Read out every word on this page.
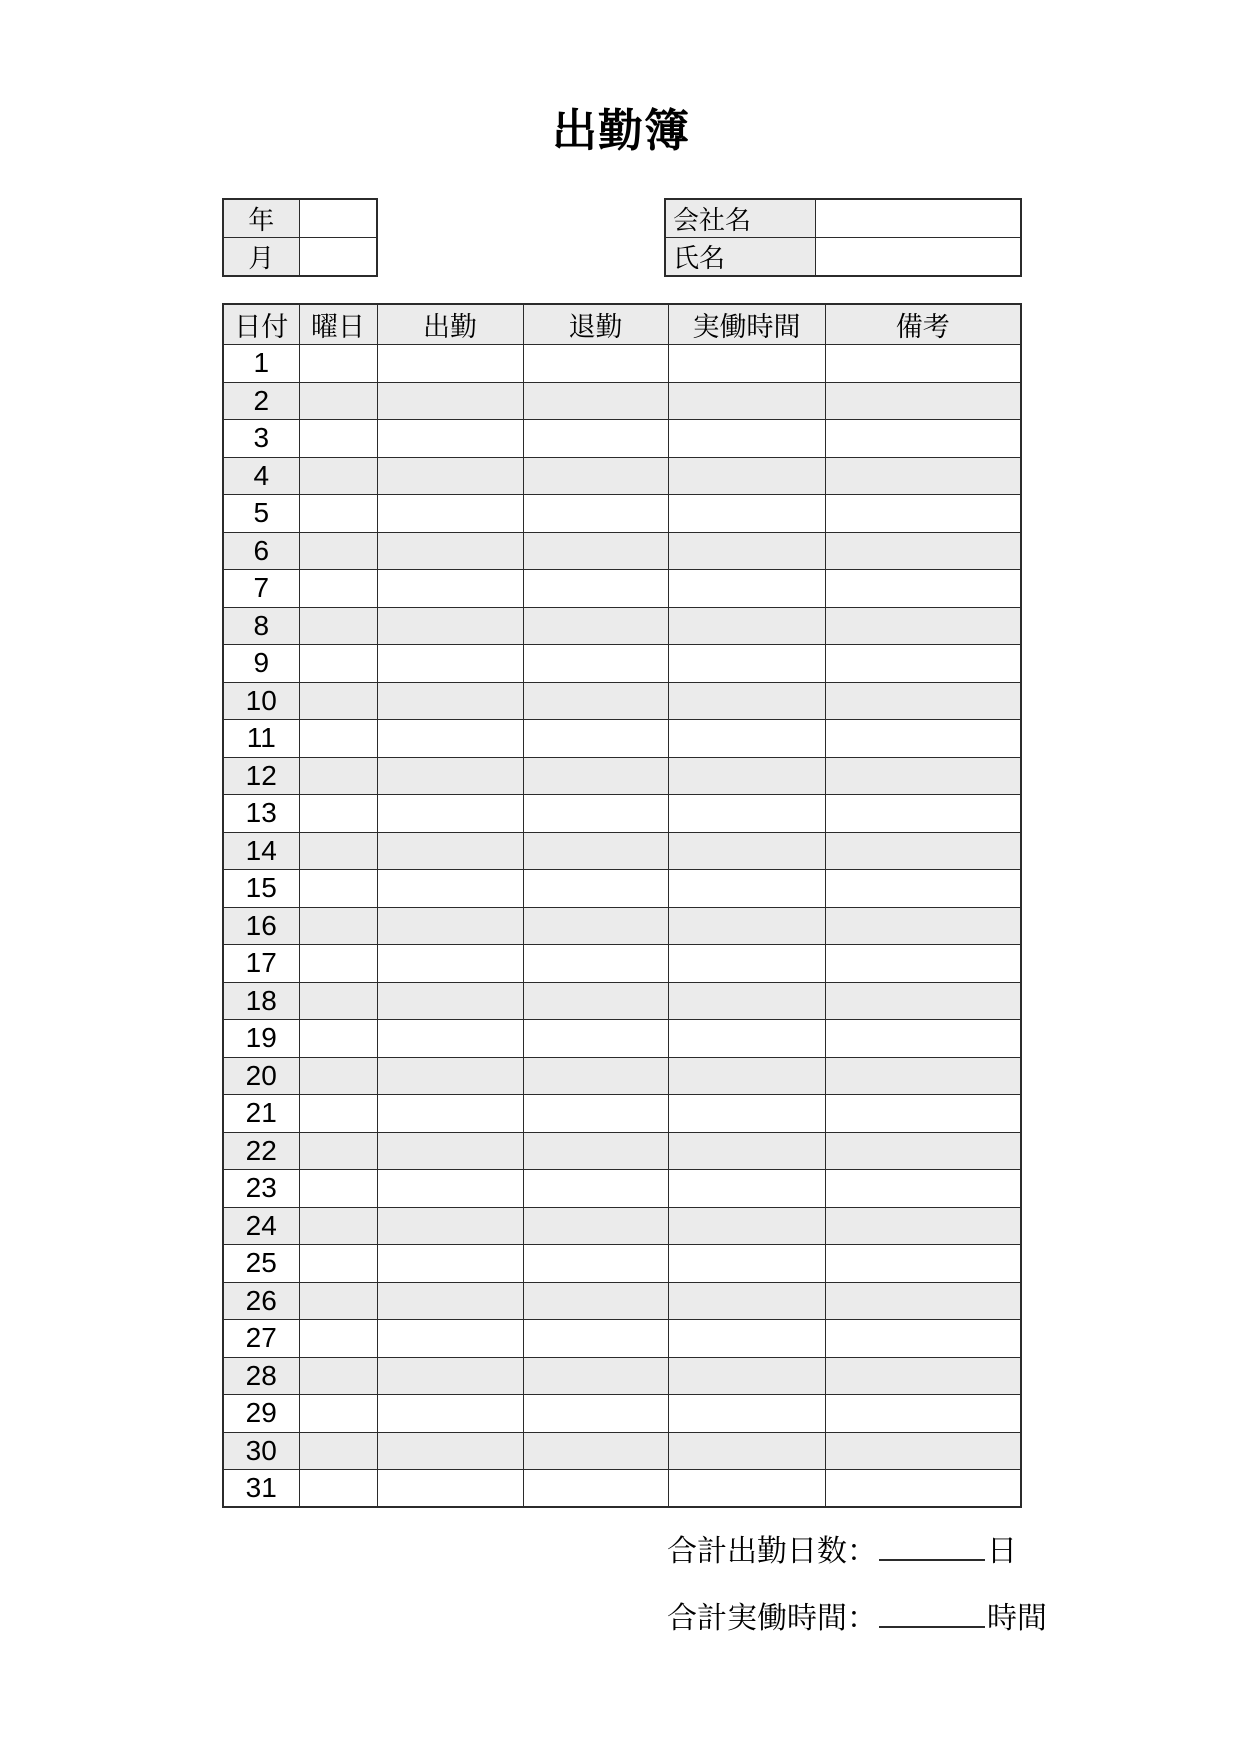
出勤簿
年	
月	
会社名	
氏名	
日付	曜日	出勤	退勤	実働時間	備考
1					
2					
3					
4					
5					
6					
7					
8					
9					
10					
11					
12					
13					
14					
15					
16					
17					
18					
19					
20					
21					
22					
23					
24					
25					
26					
27					
28					
29					
30					
31					
合計出勤日数：	日
合計実働時間：	時間
